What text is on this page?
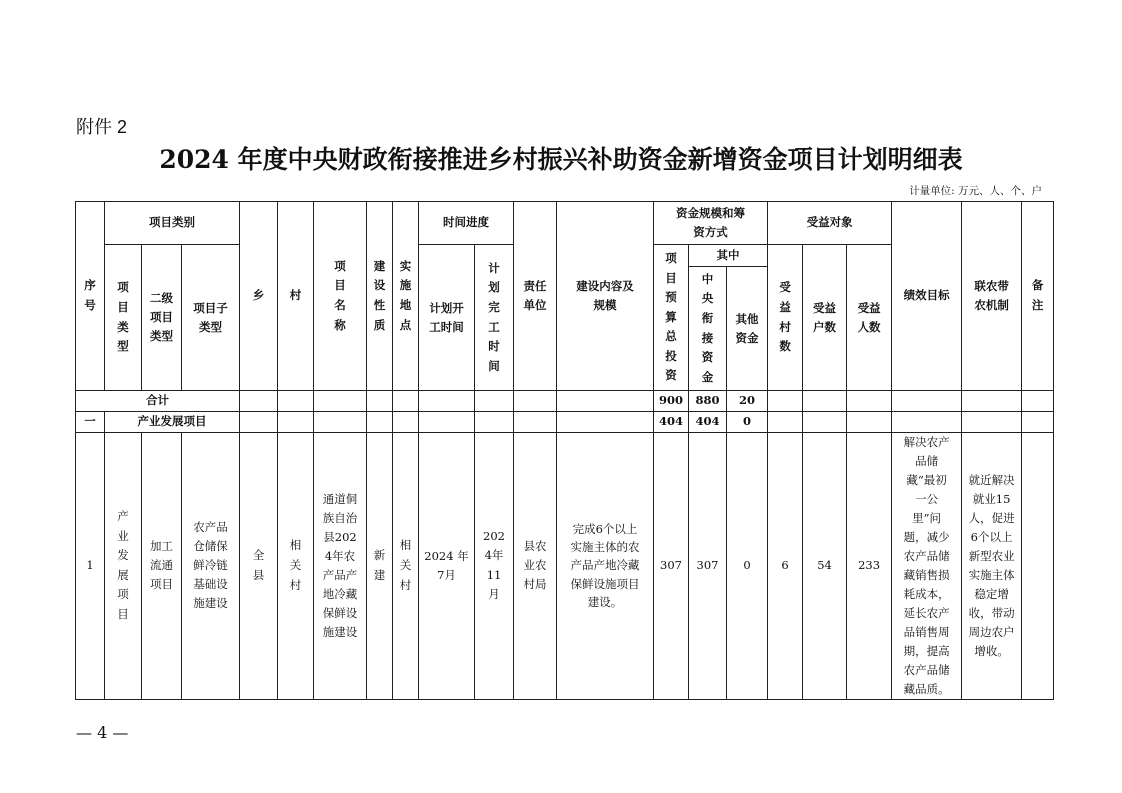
附件 2
2024 年度中央财政衔接推进乡村振兴补助资金新增资金项目计划明细表
计量单位: 万元、人、个、户
序号	项目类别			乡	村	项目名称	建设性质	实施地点	时间进度		责任单位	建设内容及规模	资金规模和筹资方式			受益对象			绩效目标	联农带农机制	备注
	项目类型	二级项目类型	项目子类型						计划开工时间	计划完工时间			项目预算总投资	其中		受益村数	受益户数	受益人数			
														中央衔接资金	其他资金						
合计													900	880	20						
一	产业发展项目												404	404	0						
1	产业发展项目	加工流通项目	农产品仓储保鲜冷链基础设施建设	全县	相关村	通道侗族自治县2024年农产品产地冷藏保鲜设施建设	新建	相关村	2024 年 7月	2024年11月	县农业农村局	完成6个以上实施主体的农产品产地冷藏保鲜设施项目建设。	307	307	0	6	54	233	解决农产品储藏“最初一公里”问题，减少农产品储藏销售损耗成本，延长农产品销售周期，提高农产品储藏品质。	就近解决就业15人，促进6个以上新型农业实施主体稳定增收，带动周边农户增收。	
— 4 —
